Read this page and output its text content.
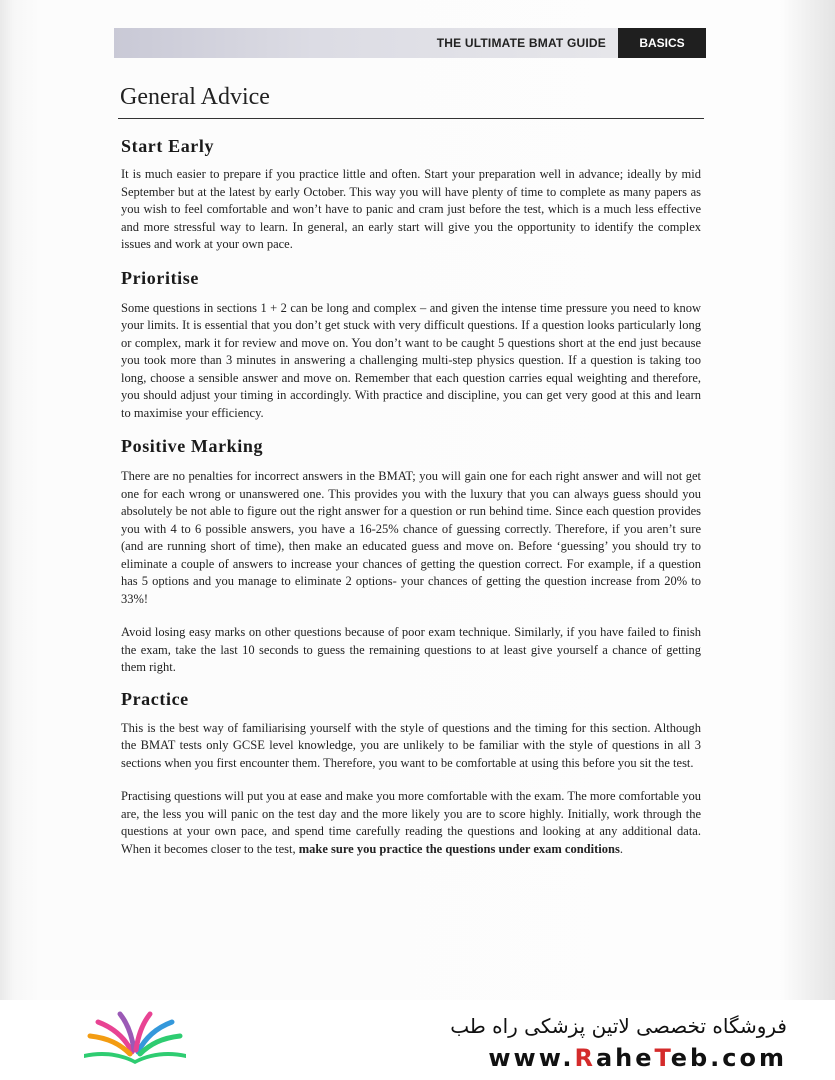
THE ULTIMATE BMAT GUIDE	BASICS
General Advice
Start Early

It is much easier to prepare if you practice little and often. Start your preparation well in advance; ideally by mid September but at the latest by early October. This way you will have plenty of time to complete as many papers as you wish to feel comfortable and won’t have to panic and cram just before the test, which is a much less effective and more stressful way to learn. In general, an early start will give you the opportunity to identify the complex issues and work at your own pace.

Prioritise

Some questions in sections 1 + 2 can be long and complex – and given the intense time pressure you need to know your limits. It is essential that you don’t get stuck with very difficult questions. If a question looks particularly long or complex, mark it for review and move on. You don’t want to be caught 5 questions short at the end just because you took more than 3 minutes in answering a challenging multi-step physics question. If a question is taking too long, choose a sensible answer and move on. Remember that each question carries equal weighting and therefore, you should adjust your timing in accordingly. With practice and discipline, you can get very good at this and learn to maximise your efficiency.

Positive Marking

There are no penalties for incorrect answers in the BMAT; you will gain one for each right answer and will not get one for each wrong or unanswered one. This provides you with the luxury that you can always guess should you absolutely be not able to figure out the right answer for a question or run behind time. Since each question provides you with 4 to 6 possible answers, you have a 16-25% chance of guessing correctly. Therefore, if you aren’t sure (and are running short of time), then make an educated guess and move on. Before ‘guessing’ you should try to eliminate a couple of answers to increase your chances of getting the question correct. For example, if a question has 5 options and you manage to eliminate 2 options- your chances of getting the question increase from 20% to 33%!

Avoid losing easy marks on other questions because of poor exam technique. Similarly, if you have failed to finish the exam, take the last 10 seconds to guess the remaining questions to at least give yourself a chance of getting them right.

Practice

This is the best way of familiarising yourself with the style of questions and the timing for this section. Although the BMAT tests only GCSE level knowledge, you are unlikely to be familiar with the style of questions in all 3 sections when you first encounter them. Therefore, you want to be comfortable at using this before you sit the test.

Practising questions will put you at ease and make you more comfortable with the exam. The more comfortable you are, the less you will panic on the test day and the more likely you are to score highly. Initially, work through the questions at your own pace, and spend time carefully reading the questions and looking at any additional data. When it becomes closer to the test, make sure you practice the questions under exam conditions.

فروشگاه تخصصی لاتین پزشکی راه طب
www.RaheTeb.com
